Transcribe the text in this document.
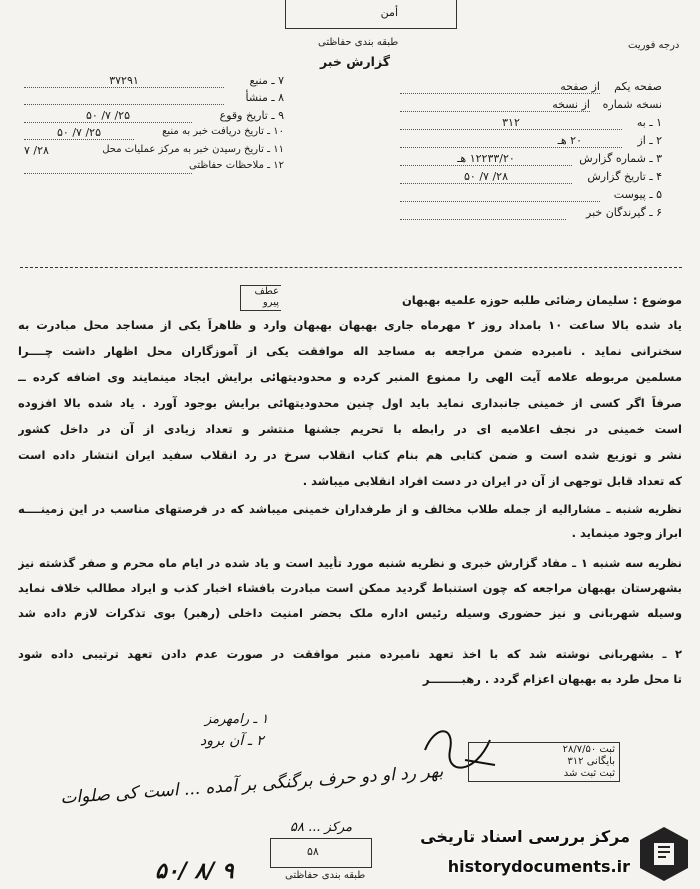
أمن
طبقه بندی حفاظتی
گزارش خبر
درجه فوریت
۷ ـ منبع
۳۷۲۹۱
۸ ـ منشأ

۹ ـ تاریخ وقوع
۲۵/ ۷/ ۵۰
۱۰ ـ تاریخ دریافت خبر به منبع
۲۵/ ۷/ ۵۰
۱۱ ـ تاریخ رسیدن خبر به مرکز عملیات محل
۲۸/ ۷
۱۲ ـ ملاحظات حفاظتی

صفحه یکم
از صفحه
نسخه شماره
از نسخه
۱ ـ به
۳۱۲
۲ ـ از
۲۰ هـ
۳ ـ شماره گزارش
۱۲۲۳۳/۲۰ هـ
۴ ـ تاریخ گزارش
۲۸/ ۷/ ۵۰
۵ ـ پیوست

۶ ـ گیرندگان خبر

عطف
پیرو	موضوع : سلیمان رضائی طلبه حوزه علمیه بهبهان
یاد شده بالا ساعت ۱۰ بامداد روز ۲ مهرماه جاری بهبهان بهبهان وارد و ظاهراً یکی از مساجد محل مبادرت به
سخنرانی نماید . نامبرده ضمن مراجعه به مساجد اله موافقت یکی از آموزگاران محل اظهار داشت چــــرا
مسلمین مربوطه علامه آیت الهی را ممنوع المنبر کرده و محدودیتهائی برایش ایجاد مینمایند وی اضافه کرده ــ
صرفاً اگر کسی از خمینی جانبداری نماید باید اول چنین محدودیتهائی برایش بوجود آورد . یاد شده بالا افزوده
است خمینی در نجف اعلامیه ای در رابطه با تحریم جشنها منتشر و تعداد زیادی از آن در داخل کشور
نشر و توزیع شده است و ضمن کتابی هم بنام کتاب انقلاب سرخ در رد انقلاب سفید ایران انتشار داده است
که تعداد قابل توجهی از آن در ایران در دست افراد انقلابی میباشد .
نظریه شنبه ـ مشارالیه از جمله طلاب مخالف و از طرفداران خمینی میباشد که در فرصتهای مناسب در این زمینــــه
ابراز وجود مینماید .
نظریه سه شنبه ۱ ـ مفاد گزارش خبری و نظریه شنبه مورد تأیید است و یاد شده در ایام ماه محرم و صفر گذشته نیز
بشهرستان بهبهان مراجعه که چون استنباط گردید ممکن است مبادرت بافشاء اخبار کذب و ایراد مطالب خلاف نماید
وسیله شهربانی و نیز حضوری وسیله رئیس اداره ملک بحضر امنیت داخلی (رهبر) بوی تذکرات لازم داده شد
۲ ـ بشهربانی نوشته شد که با اخذ تعهد نامبرده منبر موافقت در صورت عدم دادن تعهد ترتیبی داده شود
تا محل طرد به بهبهان اعزام گردد . رهبــــــــر
۱ ـ رامهرمز
۲ ـ آن برود
بهر رد او دو حرف برگنگی بر آمده ... است کی صلوات
مرکز ... ۵۸
۵۰/ ۸/ ۹
ثبت ۲۸/۷/۵۰
بایگانی ۳۱۲
ثبت ثبت شد
۵۸
طبقه بندی حفاظتی
مرکز بررسی اسناد تاریخی
historydocuments.ir
